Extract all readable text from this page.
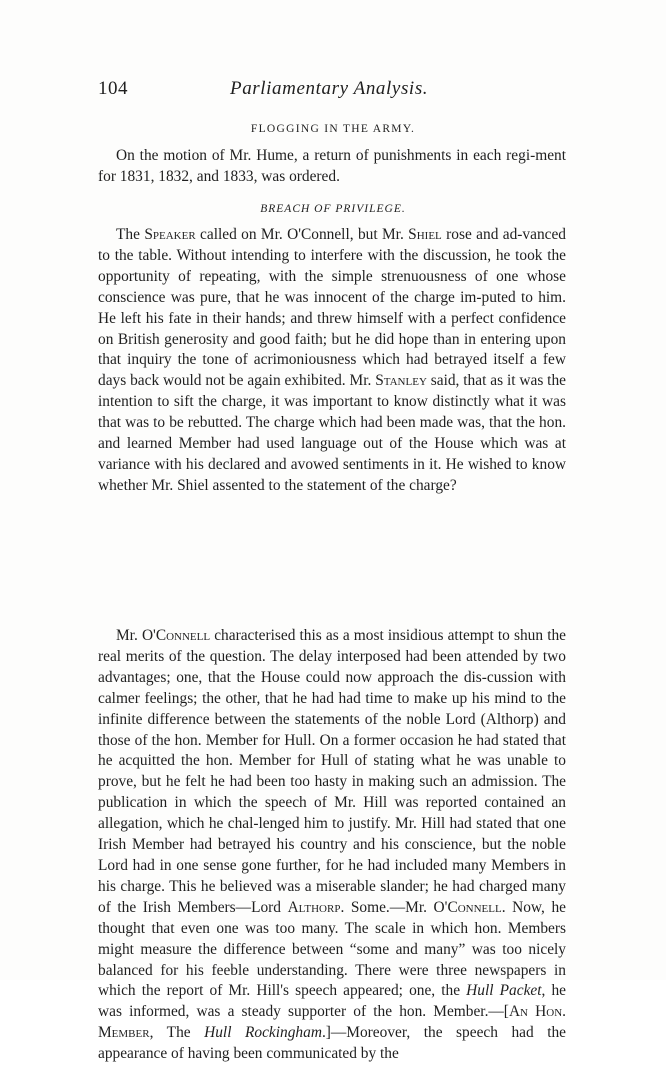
104	Parliamentary Analysis.
FLOGGING IN THE ARMY.

On the motion of Mr. Hume, a return of punishments in each regi-ment for 1831, 1832, and 1833, was ordered.

BREACH OF PRIVILEGE.

The Speaker called on Mr. O'Connell, but Mr. Shiel rose and ad-vanced to the table. Without intending to interfere with the discussion, he took the opportunity of repeating, with the simple strenuousness of one whose conscience was pure, that he was innocent of the charge im-puted to him. He left his fate in their hands; and threw himself with a perfect confidence on British generosity and good faith; but he did hope than in entering upon that inquiry the tone of acrimoniousness which had betrayed itself a few days back would not be again exhibited. Mr. Stanley said, that as it was the intention to sift the charge, it was important to know distinctly what it was that was to be rebutted. The charge which had been made was, that the hon. and learned Member had used language out of the House which was at variance with his declared and avowed sentiments in it. He wished to know whether Mr. Shiel assented to the statement of the charge?

Mr. O'Connell characterised this as a most insidious attempt to shun the real merits of the question. The delay interposed had been attended by two advantages; one, that the House could now approach the dis-cussion with calmer feelings; the other, that he had had time to make up his mind to the infinite difference between the statements of the noble Lord (Althorp) and those of the hon. Member for Hull. On a former occasion he had stated that he acquitted the hon. Member for Hull of stating what he was unable to prove, but he felt he had been too hasty in making such an admission. The publication in which the speech of Mr. Hill was reported contained an allegation, which he chal-lenged him to justify. Mr. Hill had stated that one Irish Member had betrayed his country and his conscience, but the noble Lord had in one sense gone further, for he had included many Members in his charge. This he believed was a miserable slander; he had charged many of the Irish Members—Lord Althorp. Some.—Mr. O'Connell. Now, he thought that even one was too many. The scale in which hon. Members might measure the difference between “some and many” was too nicely balanced for his feeble understanding. There were three newspapers in which the report of Mr. Hill's speech appeared; one, the Hull Packet, he was informed, was a steady supporter of the hon. Member.—[An Hon. Member, The Hull Rockingham.]—Moreover, the speech had the appearance of having been communicated by the
